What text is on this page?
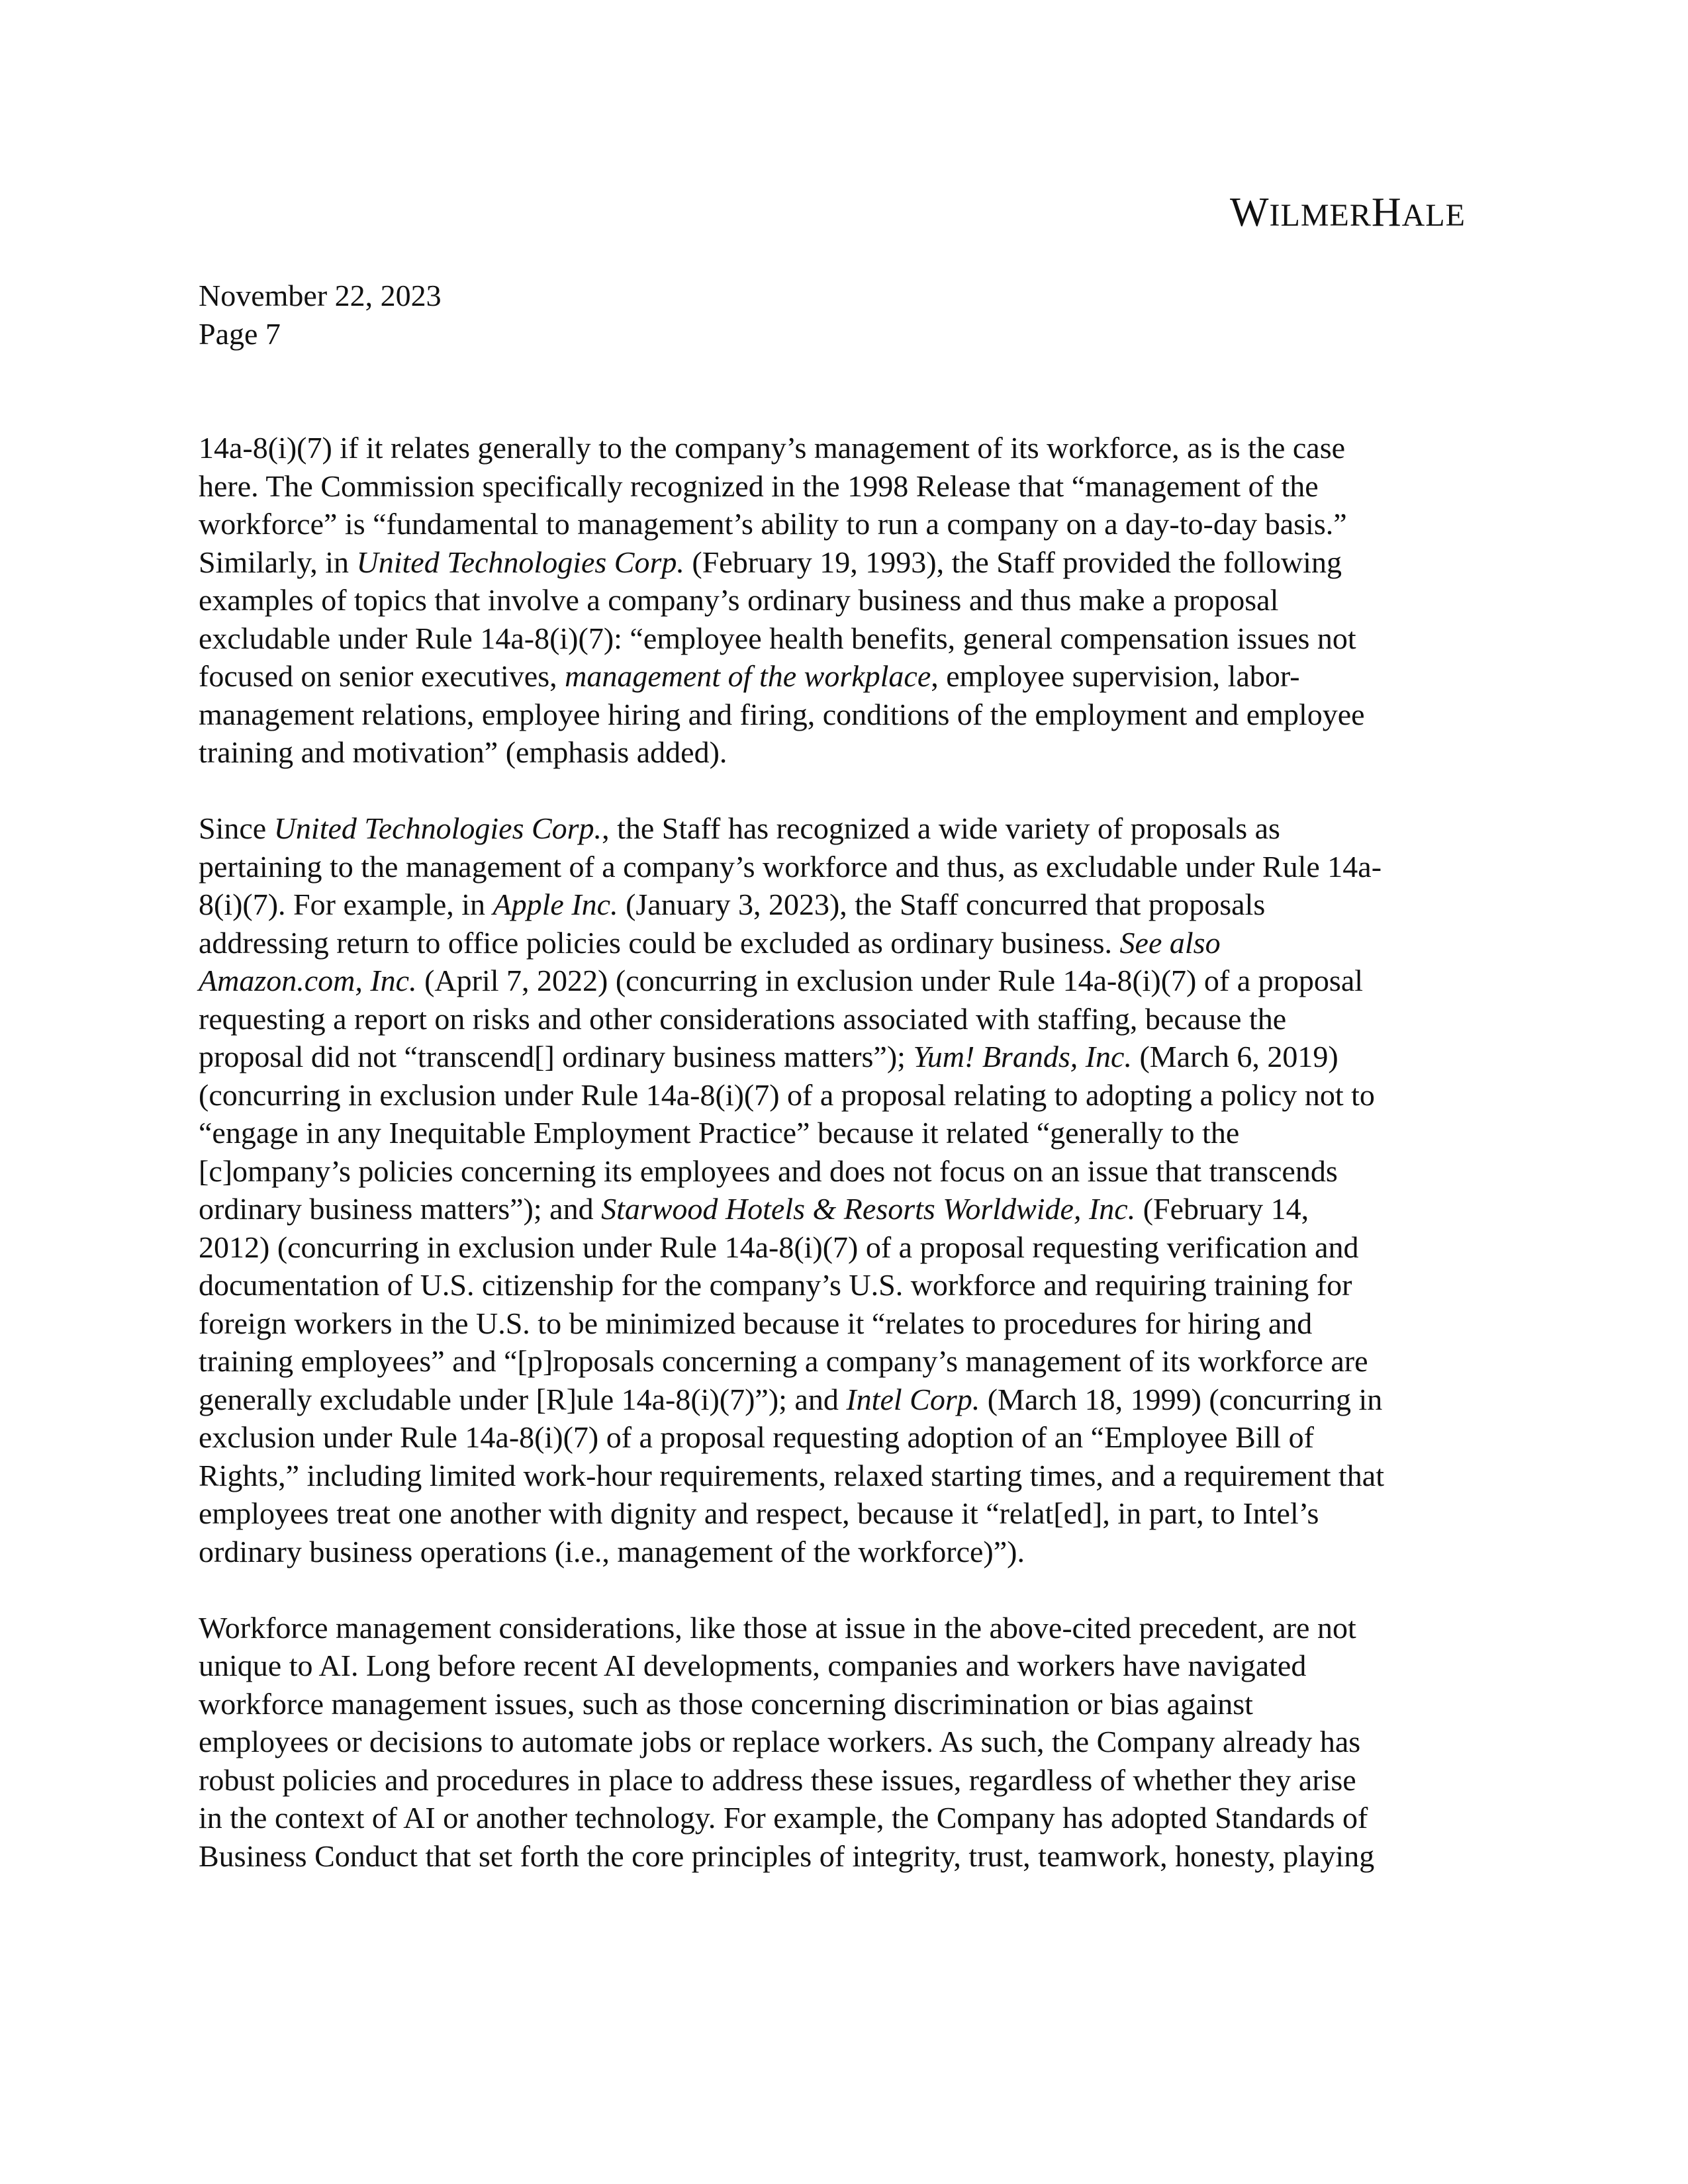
WILMERHALE
November 22, 2023
Page 7
14a-8(i)(7) if it relates generally to the company’s management of its workforce, as is the case
here. The Commission specifically recognized in the 1998 Release that “management of the
workforce” is “fundamental to management’s ability to run a company on a day-to-day basis.”
Similarly, in United Technologies Corp. (February 19, 1993), the Staff provided the following
examples of topics that involve a company’s ordinary business and thus make a proposal
excludable under Rule 14a-8(i)(7): “employee health benefits, general compensation issues not
focused on senior executives, management of the workplace, employee supervision, labor-
management relations, employee hiring and firing, conditions of the employment and employee
training and motivation” (emphasis added).
Since United Technologies Corp., the Staff has recognized a wide variety of proposals as
pertaining to the management of a company’s workforce and thus, as excludable under Rule 14a-
8(i)(7). For example, in Apple Inc. (January 3, 2023), the Staff concurred that proposals
addressing return to office policies could be excluded as ordinary business. See also
Amazon.com, Inc. (April 7, 2022) (concurring in exclusion under Rule 14a-8(i)(7) of a proposal
requesting a report on risks and other considerations associated with staffing, because the
proposal did not “transcend[] ordinary business matters”); Yum! Brands, Inc. (March 6, 2019)
(concurring in exclusion under Rule 14a-8(i)(7) of a proposal relating to adopting a policy not to
“engage in any Inequitable Employment Practice” because it related “generally to the
[c]ompany’s policies concerning its employees and does not focus on an issue that transcends
ordinary business matters”); and Starwood Hotels & Resorts Worldwide, Inc. (February 14,
2012) (concurring in exclusion under Rule 14a-8(i)(7) of a proposal requesting verification and
documentation of U.S. citizenship for the company’s U.S. workforce and requiring training for
foreign workers in the U.S. to be minimized because it “relates to procedures for hiring and
training employees” and “[p]roposals concerning a company’s management of its workforce are
generally excludable under [R]ule 14a-8(i)(7)”); and Intel Corp. (March 18, 1999) (concurring in
exclusion under Rule 14a-8(i)(7) of a proposal requesting adoption of an “Employee Bill of
Rights,” including limited work-hour requirements, relaxed starting times, and a requirement that
employees treat one another with dignity and respect, because it “relat[ed], in part, to Intel’s
ordinary business operations (i.e., management of the workforce)”).
Workforce management considerations, like those at issue in the above-cited precedent, are not
unique to AI. Long before recent AI developments, companies and workers have navigated
workforce management issues, such as those concerning discrimination or bias against
employees or decisions to automate jobs or replace workers. As such, the Company already has
robust policies and procedures in place to address these issues, regardless of whether they arise
in the context of AI or another technology. For example, the Company has adopted Standards of
Business Conduct that set forth the core principles of integrity, trust, teamwork, honesty, playing
